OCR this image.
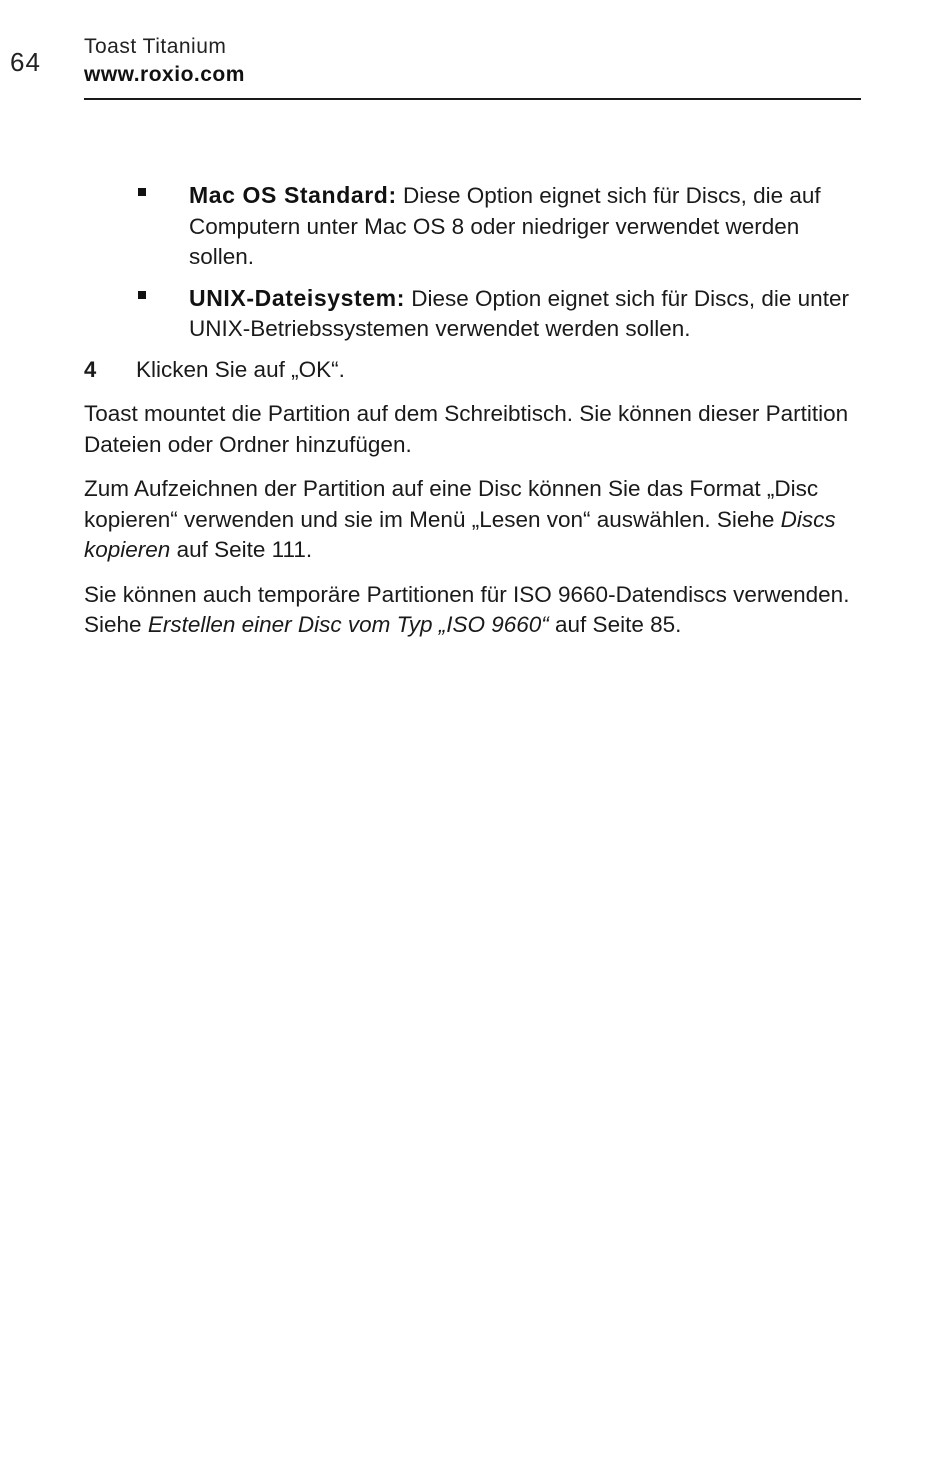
64
Toast Titanium
www.roxio.com
Mac OS Standard: Diese Option eignet sich für Discs, die auf Computern unter Mac OS 8 oder niedriger verwendet werden sollen.
UNIX-Dateisystem: Diese Option eignet sich für Discs, die unter UNIX-Betriebssystemen verwendet werden sollen.
4 Klicken Sie auf „OK“.

Toast mountet die Partition auf dem Schreibtisch. Sie können dieser Partition Dateien oder Ordner hinzufügen.

Zum Aufzeichnen der Partition auf eine Disc können Sie das Format „Disc kopieren“ verwenden und sie im Menü „Lesen von“ auswählen. Siehe Discs kopieren auf Seite 111.

Sie können auch temporäre Partitionen für ISO 9660-Datendiscs verwenden. Siehe Erstellen einer Disc vom Typ „ISO 9660“ auf Seite 85.
